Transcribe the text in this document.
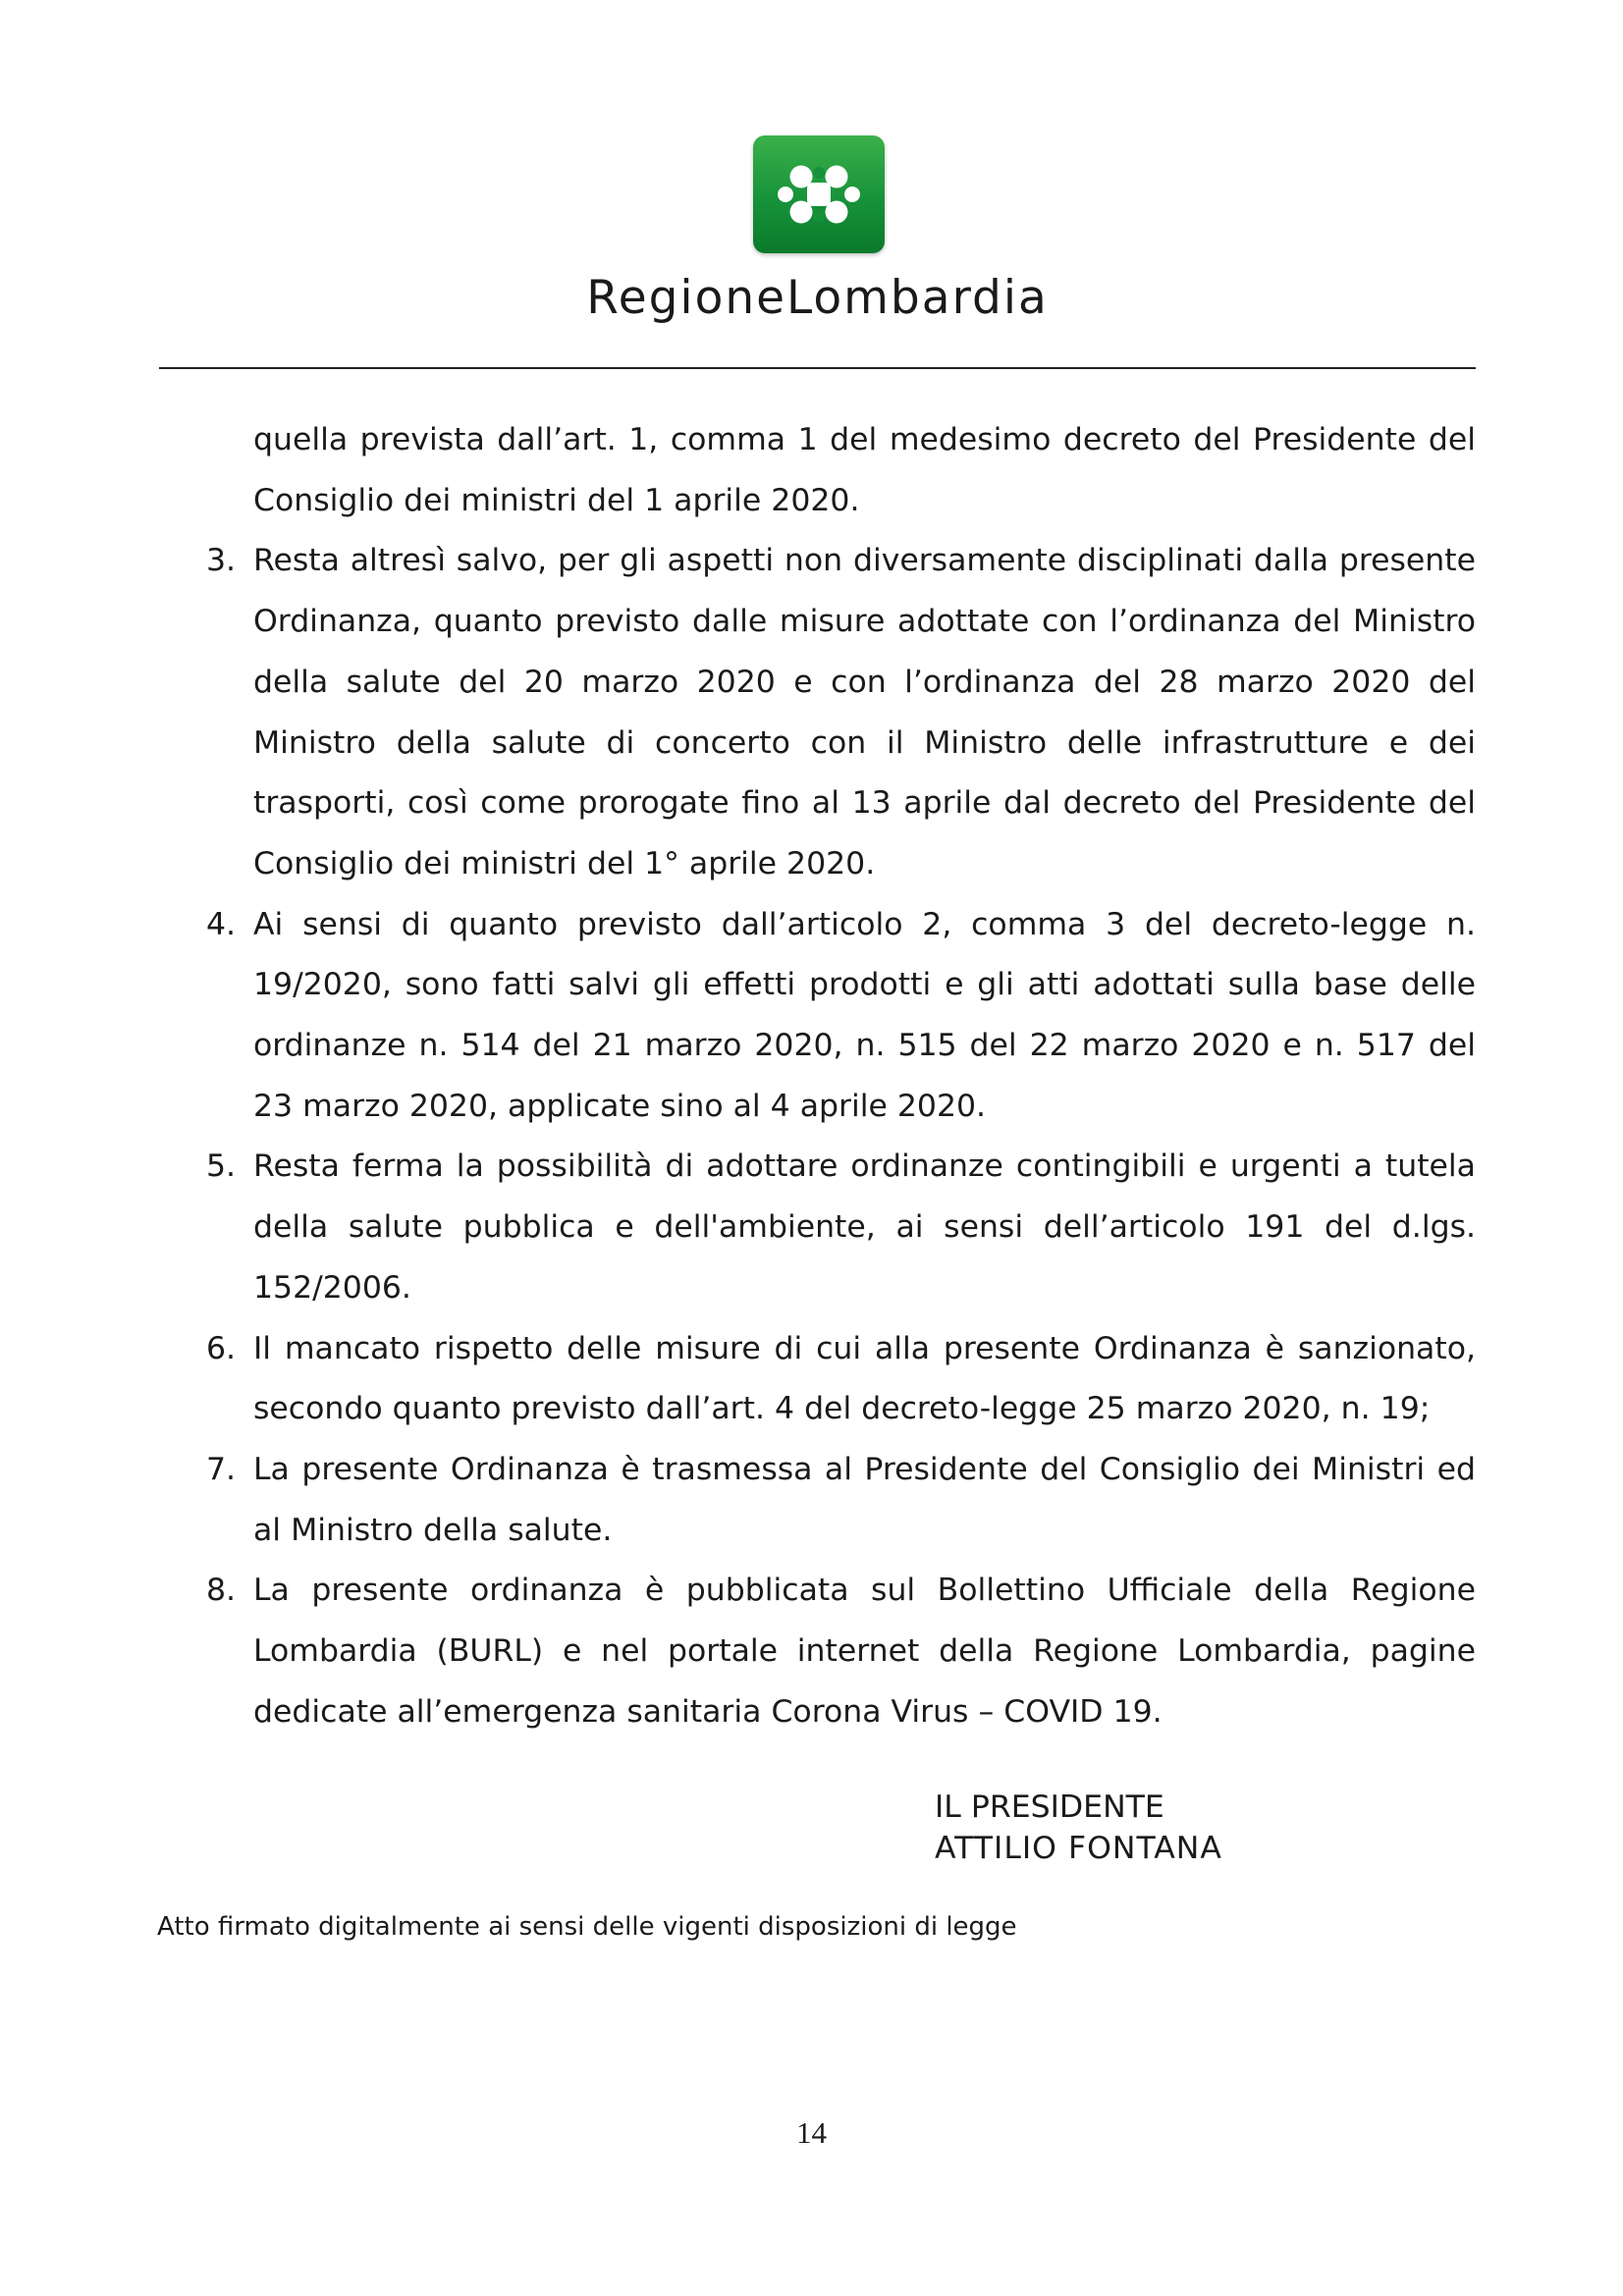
RegioneLombardia
quella prevista dall’art. 1, comma 1 del medesimo decreto del Presidente del Consiglio dei ministri del 1 aprile 2020.
3. Resta altresì salvo, per gli aspetti non diversamente disciplinati dalla presente Ordinanza, quanto previsto dalle misure adottate con l’ordinanza del Ministro della salute del 20 marzo 2020 e con l’ordinanza del 28 marzo 2020 del Ministro della salute di concerto con il Ministro delle infrastrutture e dei trasporti, così come prorogate fino al 13 aprile dal decreto del Presidente del Consiglio dei ministri del 1° aprile 2020.
4. Ai sensi di quanto previsto dall’articolo 2, comma 3 del decreto-legge n. 19/2020, sono fatti salvi gli effetti prodotti e gli atti adottati sulla base delle ordinanze n. 514 del 21 marzo 2020, n. 515 del 22 marzo 2020 e n. 517 del 23 marzo 2020, applicate sino al 4 aprile 2020.
5. Resta ferma la possibilità di adottare ordinanze contingibili e urgenti a tutela della salute pubblica e dell'ambiente, ai sensi dell’articolo 191 del d.lgs. 152/2006.
6. Il mancato rispetto delle misure di cui alla presente Ordinanza è sanzionato, secondo quanto previsto dall’art. 4 del decreto-legge 25 marzo 2020, n. 19;
7. La presente Ordinanza è trasmessa al Presidente del Consiglio dei Ministri ed al Ministro della salute.
8. La presente ordinanza è pubblicata sul Bollettino Ufficiale della Regione Lombardia (BURL) e nel portale internet della Regione Lombardia, pagine dedicate all’emergenza sanitaria Corona Virus – COVID 19.
IL PRESIDENTE
ATTILIO FONTANA
Atto firmato digitalmente ai sensi delle vigenti disposizioni di legge
14
